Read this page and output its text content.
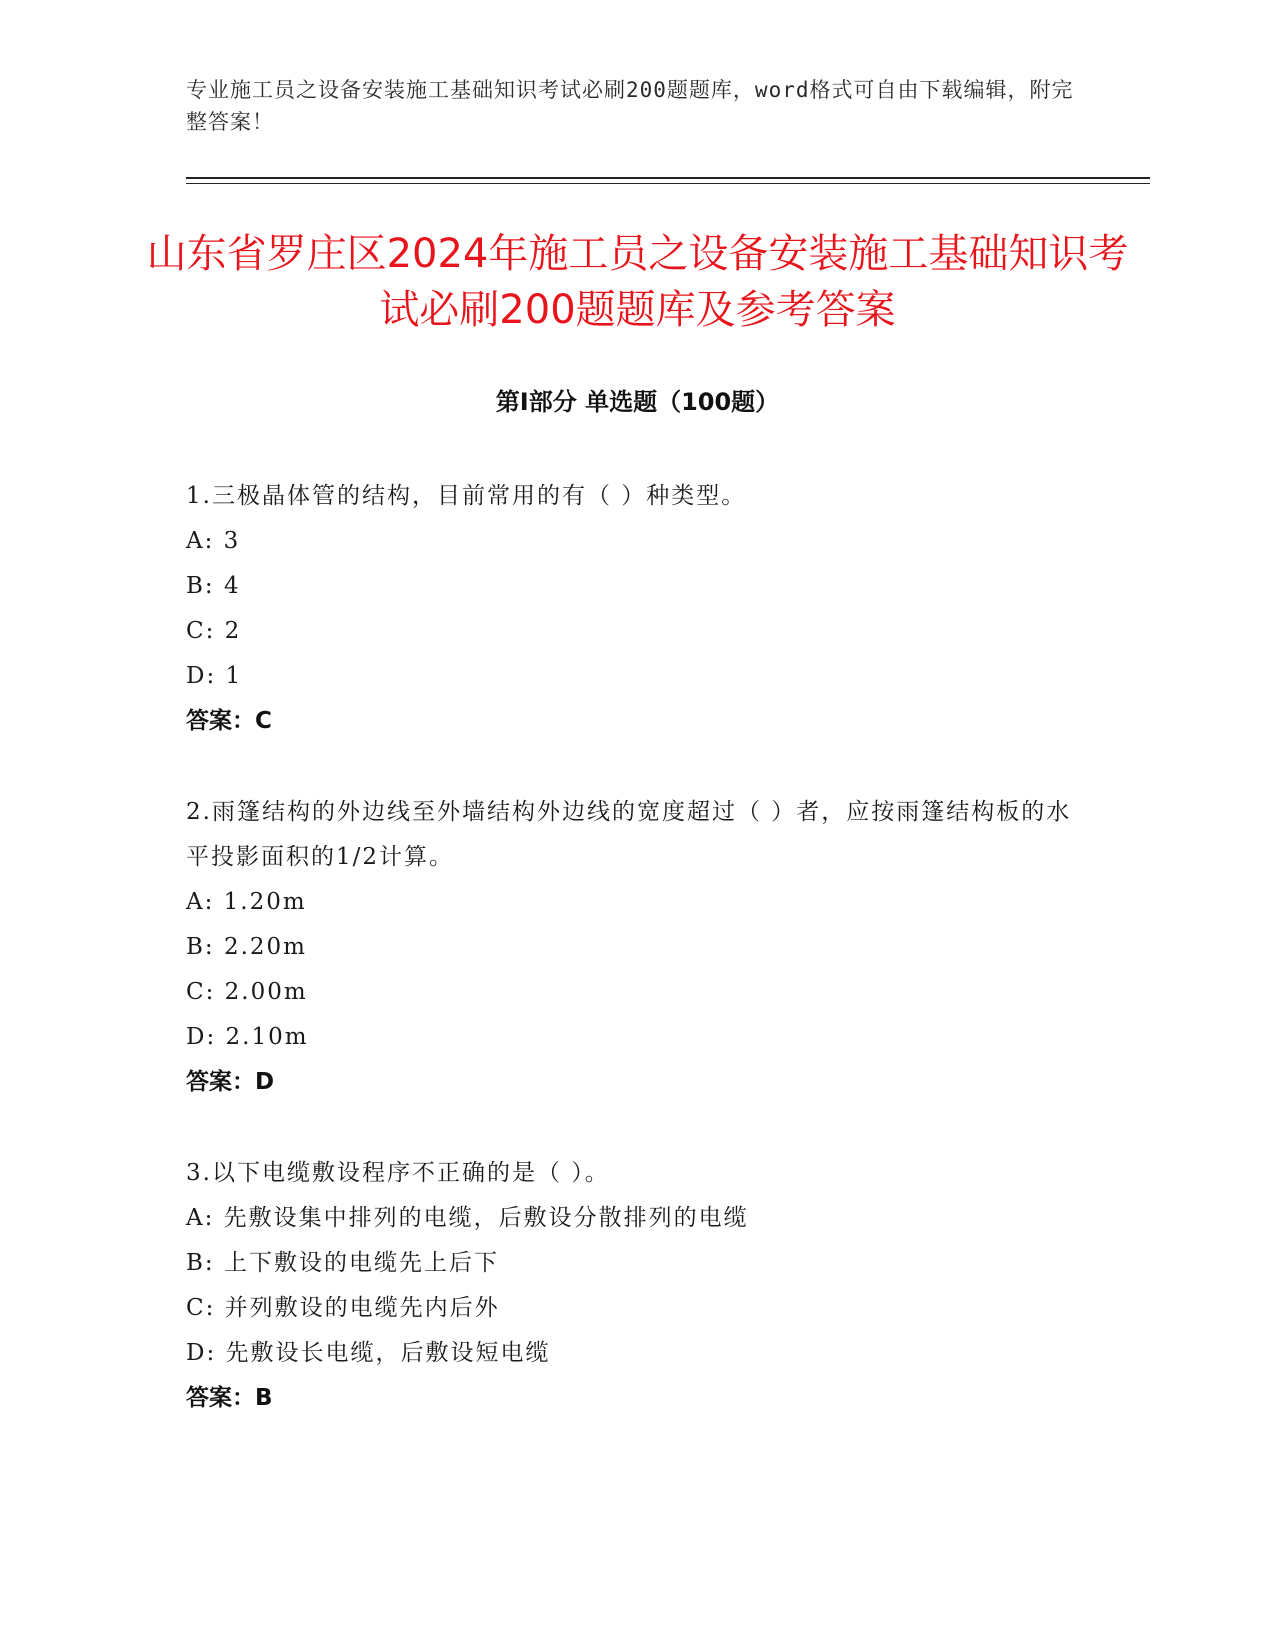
专业施工员之设备安装施工基础知识考试必刷200题题库，word格式可自由下载编辑，附完整答案！
山东省罗庄区2024年施工员之设备安装施工基础知识考试必刷200题题库及参考答案
第Ⅰ部分 单选题（100题）
1.三极晶体管的结构，目前常用的有（ ）种类型。
A: 3
B: 4
C: 2
D: 1
答案：C
2.雨篷结构的外边线至外墙结构外边线的宽度超过（ ）者，应按雨篷结构板的水平投影面积的1/2计算。
A: 1.20m
B: 2.20m
C: 2.00m
D: 2.10m
答案：D
3.以下电缆敷设程序不正确的是（ ）。
A: 先敷设集中排列的电缆，后敷设分散排列的电缆
B: 上下敷设的电缆先上后下
C: 并列敷设的电缆先内后外
D: 先敷设长电缆，后敷设短电缆
答案：B
